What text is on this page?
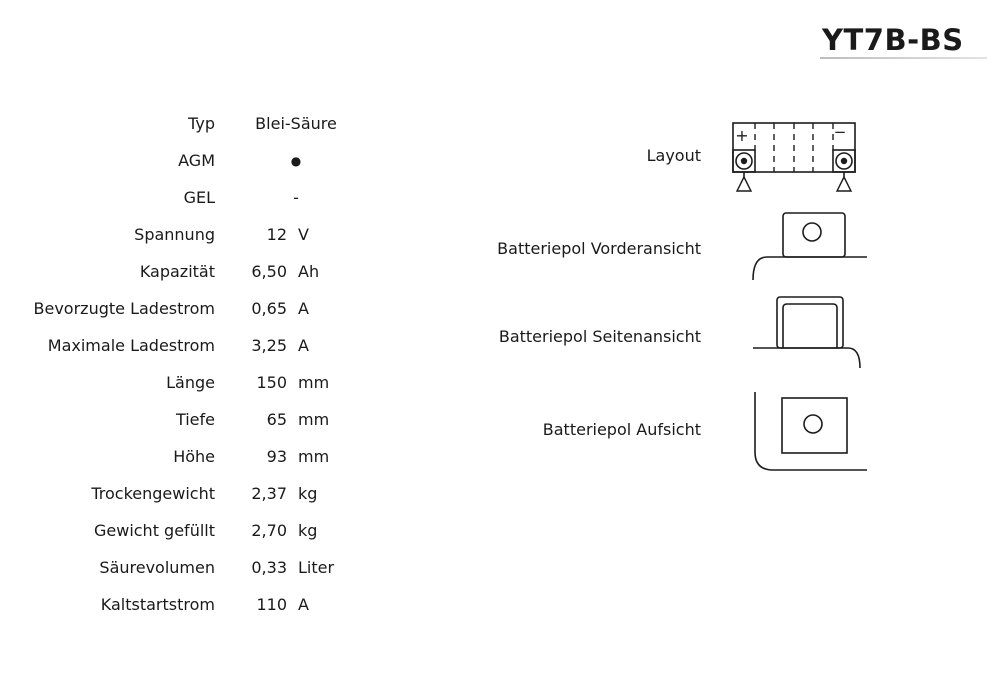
YT7B-BS
Typ	Blei-Säure
AGM	●
GEL	-
Spannung	12 V
Kapazität	6,50 Ah
Bevorzugte Ladestrom	0,65 A
Maximale Ladestrom	3,25 A
Länge	150 mm
Tiefe	65 mm
Höhe	93 mm
Trockengewicht	2,37 kg
Gewicht gefüllt	2,70 kg
Säurevolumen	0,33 Liter
Kaltstartstrom	110 A
Layout
Batteriepol Vorderansicht
Batteriepol Seitenansicht
Batteriepol Aufsicht
+	−
